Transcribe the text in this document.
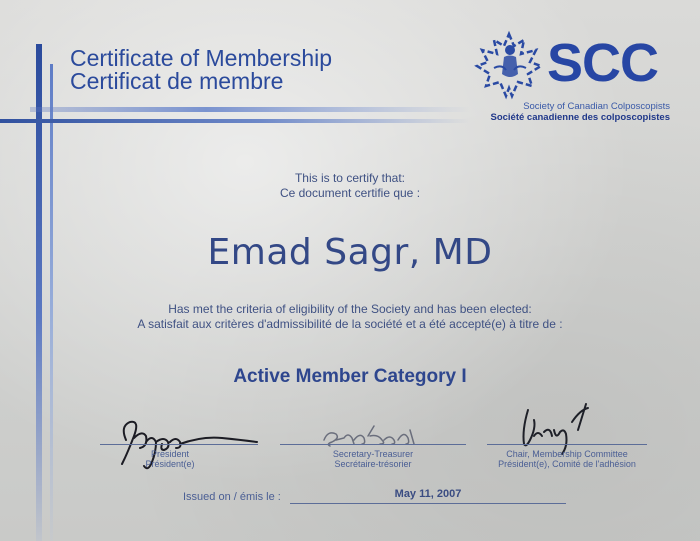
Certificate of Membership
Certificat de membre	SCC
Society of Canadian Colposcopists
Société canadienne des colposcopistes
This is to certify that:
Ce document certifie que :
Emad Sagr, MD
Has met the criteria of eligibility of the Society and has been elected:
A satisfait aux critères d'admissibilité de la société et a été accepté(e) à titre de :
Active Member Category I
President
Président(e)
Secretary-Treasurer
Secrétaire-trésorier
Chair, Membership Committee
Président(e), Comité de l'adhésion
Issued on / émis le :	May 11, 2007
